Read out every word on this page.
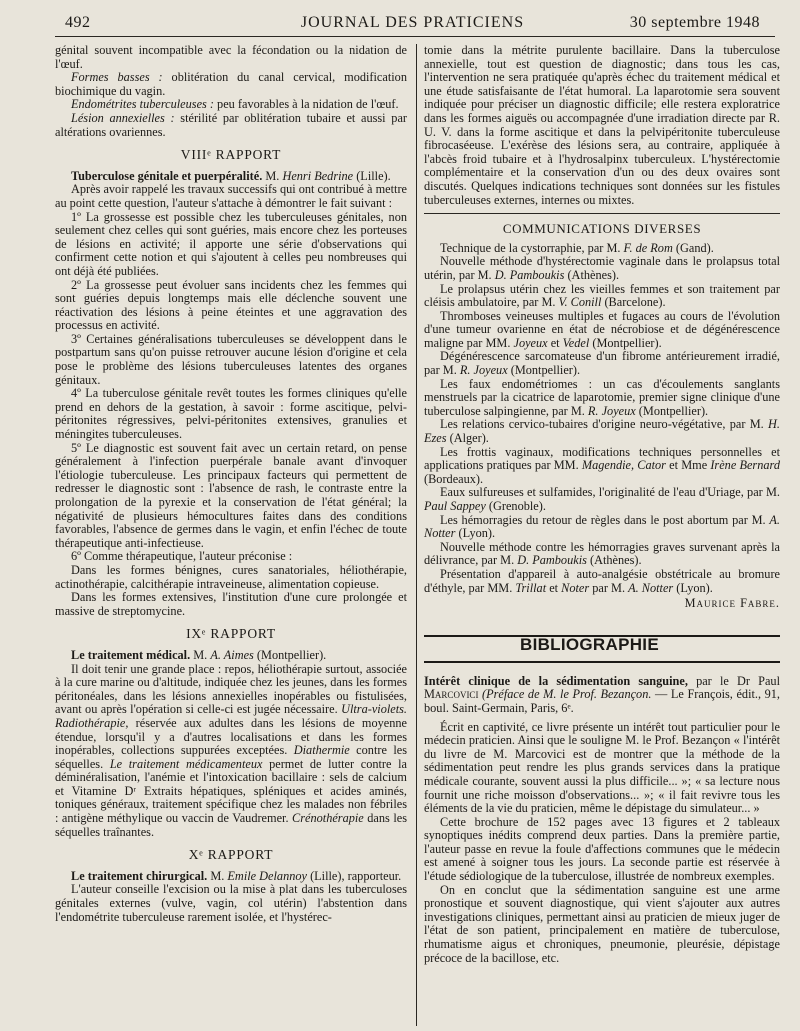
492	JOURNAL DES PRATICIENS	30 septembre 1948

génital souvent incompatible avec la fécondation ou la nidation de l'œuf.

Formes basses : oblitération du canal cervical, modification biochimique du vagin.

Endométrites tuberculeuses : peu favorables à la nidation de l'œuf.

Lésion annexielles : stérilité par oblitération tubaire et aussi par altérations ovariennes.

VIIIᵉ RAPPORT

Tuberculose génitale et puerpéralité. M. Henri Bedrine (Lille).

Après avoir rappelé les travaux successifs qui ont contribué à mettre au point cette question, l'auteur s'attache à démontrer le fait suivant :

1º La grossesse est possible chez les tuberculeuses génitales, non seulement chez celles qui sont guéries, mais encore chez les porteuses de lésions en activité; il apporte une série d'observations qui confirment cette notion et qui s'ajoutent à celles peu nombreuses qui ont déjà été publiées.

2º La grossesse peut évoluer sans incidents chez les femmes qui sont guéries depuis longtemps mais elle déclenche souvent une réactivation des lésions à peine éteintes et une aggravation des processus en activité.

3º Certaines généralisations tuberculeuses se développent dans le postpartum sans qu'on puisse retrouver aucune lésion d'origine et cela pose le problème des lésions tuberculeuses latentes des organes génitaux.

4º La tuberculose génitale revêt toutes les formes cliniques qu'elle prend en dehors de la gestation, à savoir : forme ascitique, pelvi-péritonites régressives, pelvi-péritonites extensives, granulies et méningites tuberculeuses.

5º Le diagnostic est souvent fait avec un certain retard, on pense généralement à l'infection puerpérale banale avant d'invoquer l'étiologie tuberculeuse. Les principaux facteurs qui permettent de redresser le diagnostic sont : l'absence de rash, le contraste entre la prolongation de la pyrexie et la conservation de l'état général; la négativité de plusieurs hémocultures faites dans des conditions favorables, l'absence de germes dans le vagin, et enfin l'échec de toute thérapeutique anti-infectieuse.

6º Comme thérapeutique, l'auteur préconise :

Dans les formes bénignes, cures sanatoriales, héliothérapie, actinothérapie, calcithérapie intraveineuse, alimentation copieuse.

Dans les formes extensives, l'institution d'une cure prolongée et massive de streptomycine.

IXᵉ RAPPORT

Le traitement médical. M. A. Aimes (Montpellier).

Il doit tenir une grande place : repos, héliothérapie surtout, associée à la cure marine ou d'altitude, indiquée chez les jeunes, dans les formes péritonéales, dans les lésions annexielles inopérables ou fistulisées, avant ou après l'opération si celle-ci est jugée nécessaire. Ultra-violets. Radiothérapie, réservée aux adultes dans les lésions de moyenne étendue, lorsqu'il y a d'autres localisations et dans les formes inopérables, collections suppurées exceptées. Diathermie contre les séquelles. Le traitement médicamenteux permet de lutter contre la déminéralisation, l'anémie et l'intoxication bacillaire : sels de calcium et Vitamine Dʳ Extraits hépatiques, spléniques et acides aminés, toniques généraux, traitement spécifique chez les malades non fébriles : antigène méthylique ou vaccin de Vaudremer. Crénothérapie dans les séquelles traînantes.

Xᵉ RAPPORT

Le traitement chirurgical. M. Emile Delannoy (Lille), rapporteur.

L'auteur conseille l'excision ou la mise à plat dans les tuberculoses génitales externes (vulve, vagin, col utérin) l'abstention dans l'endométrite tuberculeuse rarement isolée, et l'hystérec-

tomie dans la métrite purulente bacillaire. Dans la tuberculose annexielle, tout est question de diagnostic; dans tous les cas, l'intervention ne sera pratiquée qu'après échec du traitement médical et une étude satisfaisante de l'état humoral. La laparotomie sera souvent indiquée pour préciser un diagnostic difficile; elle restera exploratrice dans les formes aiguës ou accompagnée d'une irradiation directe par R. U. V. dans la forme ascitique et dans la pelvipéritonite tuberculeuse fibrocaséeuse. L'exérèse des lésions sera, au contraire, appliquée à l'abcès froid tubaire et à l'hydrosalpinx tuberculeux. L'hystérectomie complémentaire et la conservation d'un ou des deux ovaires sont discutés. Quelques indications techniques sont données sur les fistules tuberculeuses externes, internes ou mixtes.

COMMUNICATIONS DIVERSES

Technique de la cystorraphie, par M. F. de Rom (Gand).

Nouvelle méthode d'hystérectomie vaginale dans le prolapsus total utérin, par M. D. Pamboukis (Athènes).

Le prolapsus utérin chez les vieilles femmes et son traitement par cléisis ambulatoire, par M. V. Conill (Barcelone).

Thromboses veineuses multiples et fugaces au cours de l'évolution d'une tumeur ovarienne en état de nécrobiose et de dégénérescence maligne par MM. Joyeux et Vedel (Montpellier).

Dégénérescence sarcomateuse d'un fibrome antérieurement irradié, par M. R. Joyeux (Montpellier).

Les faux endométriomes : un cas d'écoulements sanglants menstruels par la cicatrice de laparotomie, premier signe clinique d'une tuberculose salpingienne, par M. R. Joyeux (Montpellier).

Les relations cervico-tubaires d'origine neuro-végétative, par M. H. Ezes (Alger).

Les frottis vaginaux, modifications techniques personnelles et applications pratiques par MM. Magendie, Cator et Mme Irène Bernard (Bordeaux).

Eaux sulfureuses et sulfamides, l'originalité de l'eau d'Uriage, par M. Paul Sappey (Grenoble).

Les hémorragies du retour de règles dans le post abortum par M. A. Notter (Lyon).

Nouvelle méthode contre les hémorragies graves survenant après la délivrance, par M. D. Pamboukis (Athènes).

Présentation d'appareil à auto-analgésie obstétricale au bromure d'éthyle, par MM. Trillat et Noter par M. A. Notter (Lyon).

Maurice Fabre.
BIBLIOGRAPHIE

Intérêt clinique de la sédimentation sanguine, par le Dr Paul Marcovici (Préface de M. le Prof. Bezançon. — Le François, édit., 91, boul. Saint-Germain, Paris, 6ᵉ.

Écrit en captivité, ce livre présente un intérêt tout particulier pour le médecin praticien. Ainsi que le souligne M. le Prof. Bezançon « l'intérêt du livre de M. Marcovici est de montrer que la méthode de la sédimentation peut rendre les plus grands services dans la pratique médicale courante, souvent aussi la plus difficile... »; « sa lecture nous fournit une riche moisson d'observations... »; « il fait revivre tous les éléments de la vie du praticien, même le dépistage du simulateur... »

Cette brochure de 152 pages avec 13 figures et 2 tableaux synoptiques inédits comprend deux parties. Dans la première partie, l'auteur passe en revue la foule d'affections communes que le médecin est amené à soigner tous les jours. La seconde partie est réservée à l'étude sédiologique de la tuberculose, illustrée de nombreux exemples.

On en conclut que la sédimentation sanguine est une arme pronostique et souvent diagnostique, qui vient s'ajouter aux autres investigations cliniques, permettant ainsi au praticien de mieux juger de l'état de son patient, principalement en matière de tuberculose, rhumatisme aigus et chroniques, pneumonie, pleurésie, dépistage précoce de la bacillose, etc.
